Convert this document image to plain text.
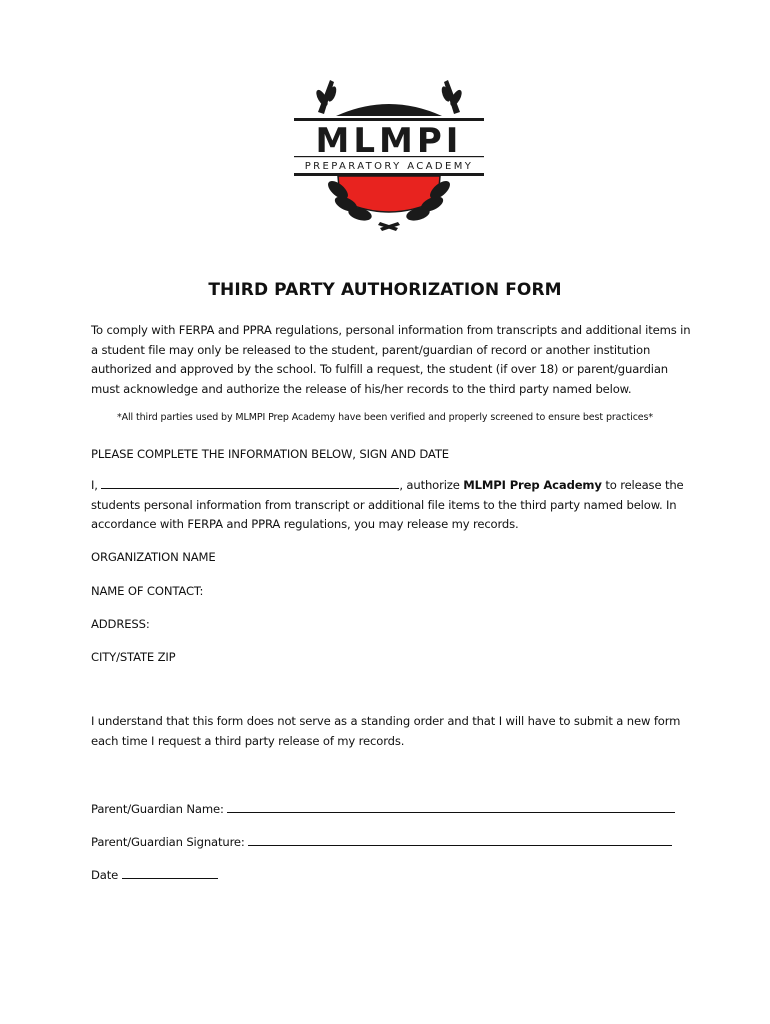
MLMPI
PREPARATORY ACADEMY
THIRD PARTY AUTHORIZATION FORM
To comply with FERPA and PPRA regulations, personal information from transcripts and additional items in a student file may only be released to the student, parent/guardian of record or another institution authorized and approved by the school. To fulfill a request, the student (if over 18) or parent/guardian must acknowledge and authorize the release of his/her records to the third party named below.
*All third parties used by MLMPI Prep Academy have been verified and properly screened to ensure best practices*
PLEASE COMPLETE THE INFORMATION BELOW, SIGN AND DATE
I,	, authorize MLMPI Prep Academy to release the students personal information from transcript or additional file items to the third party named below. In accordance with FERPA and PPRA regulations, you may release my records.
ORGANIZATION NAME
NAME OF CONTACT:
ADDRESS:
CITY/STATE ZIP
I understand that this form does not serve as a standing order and that I will have to submit a new form each time I request a third party release of my records.
Parent/Guardian Name:
Parent/Guardian Signature:
Date
